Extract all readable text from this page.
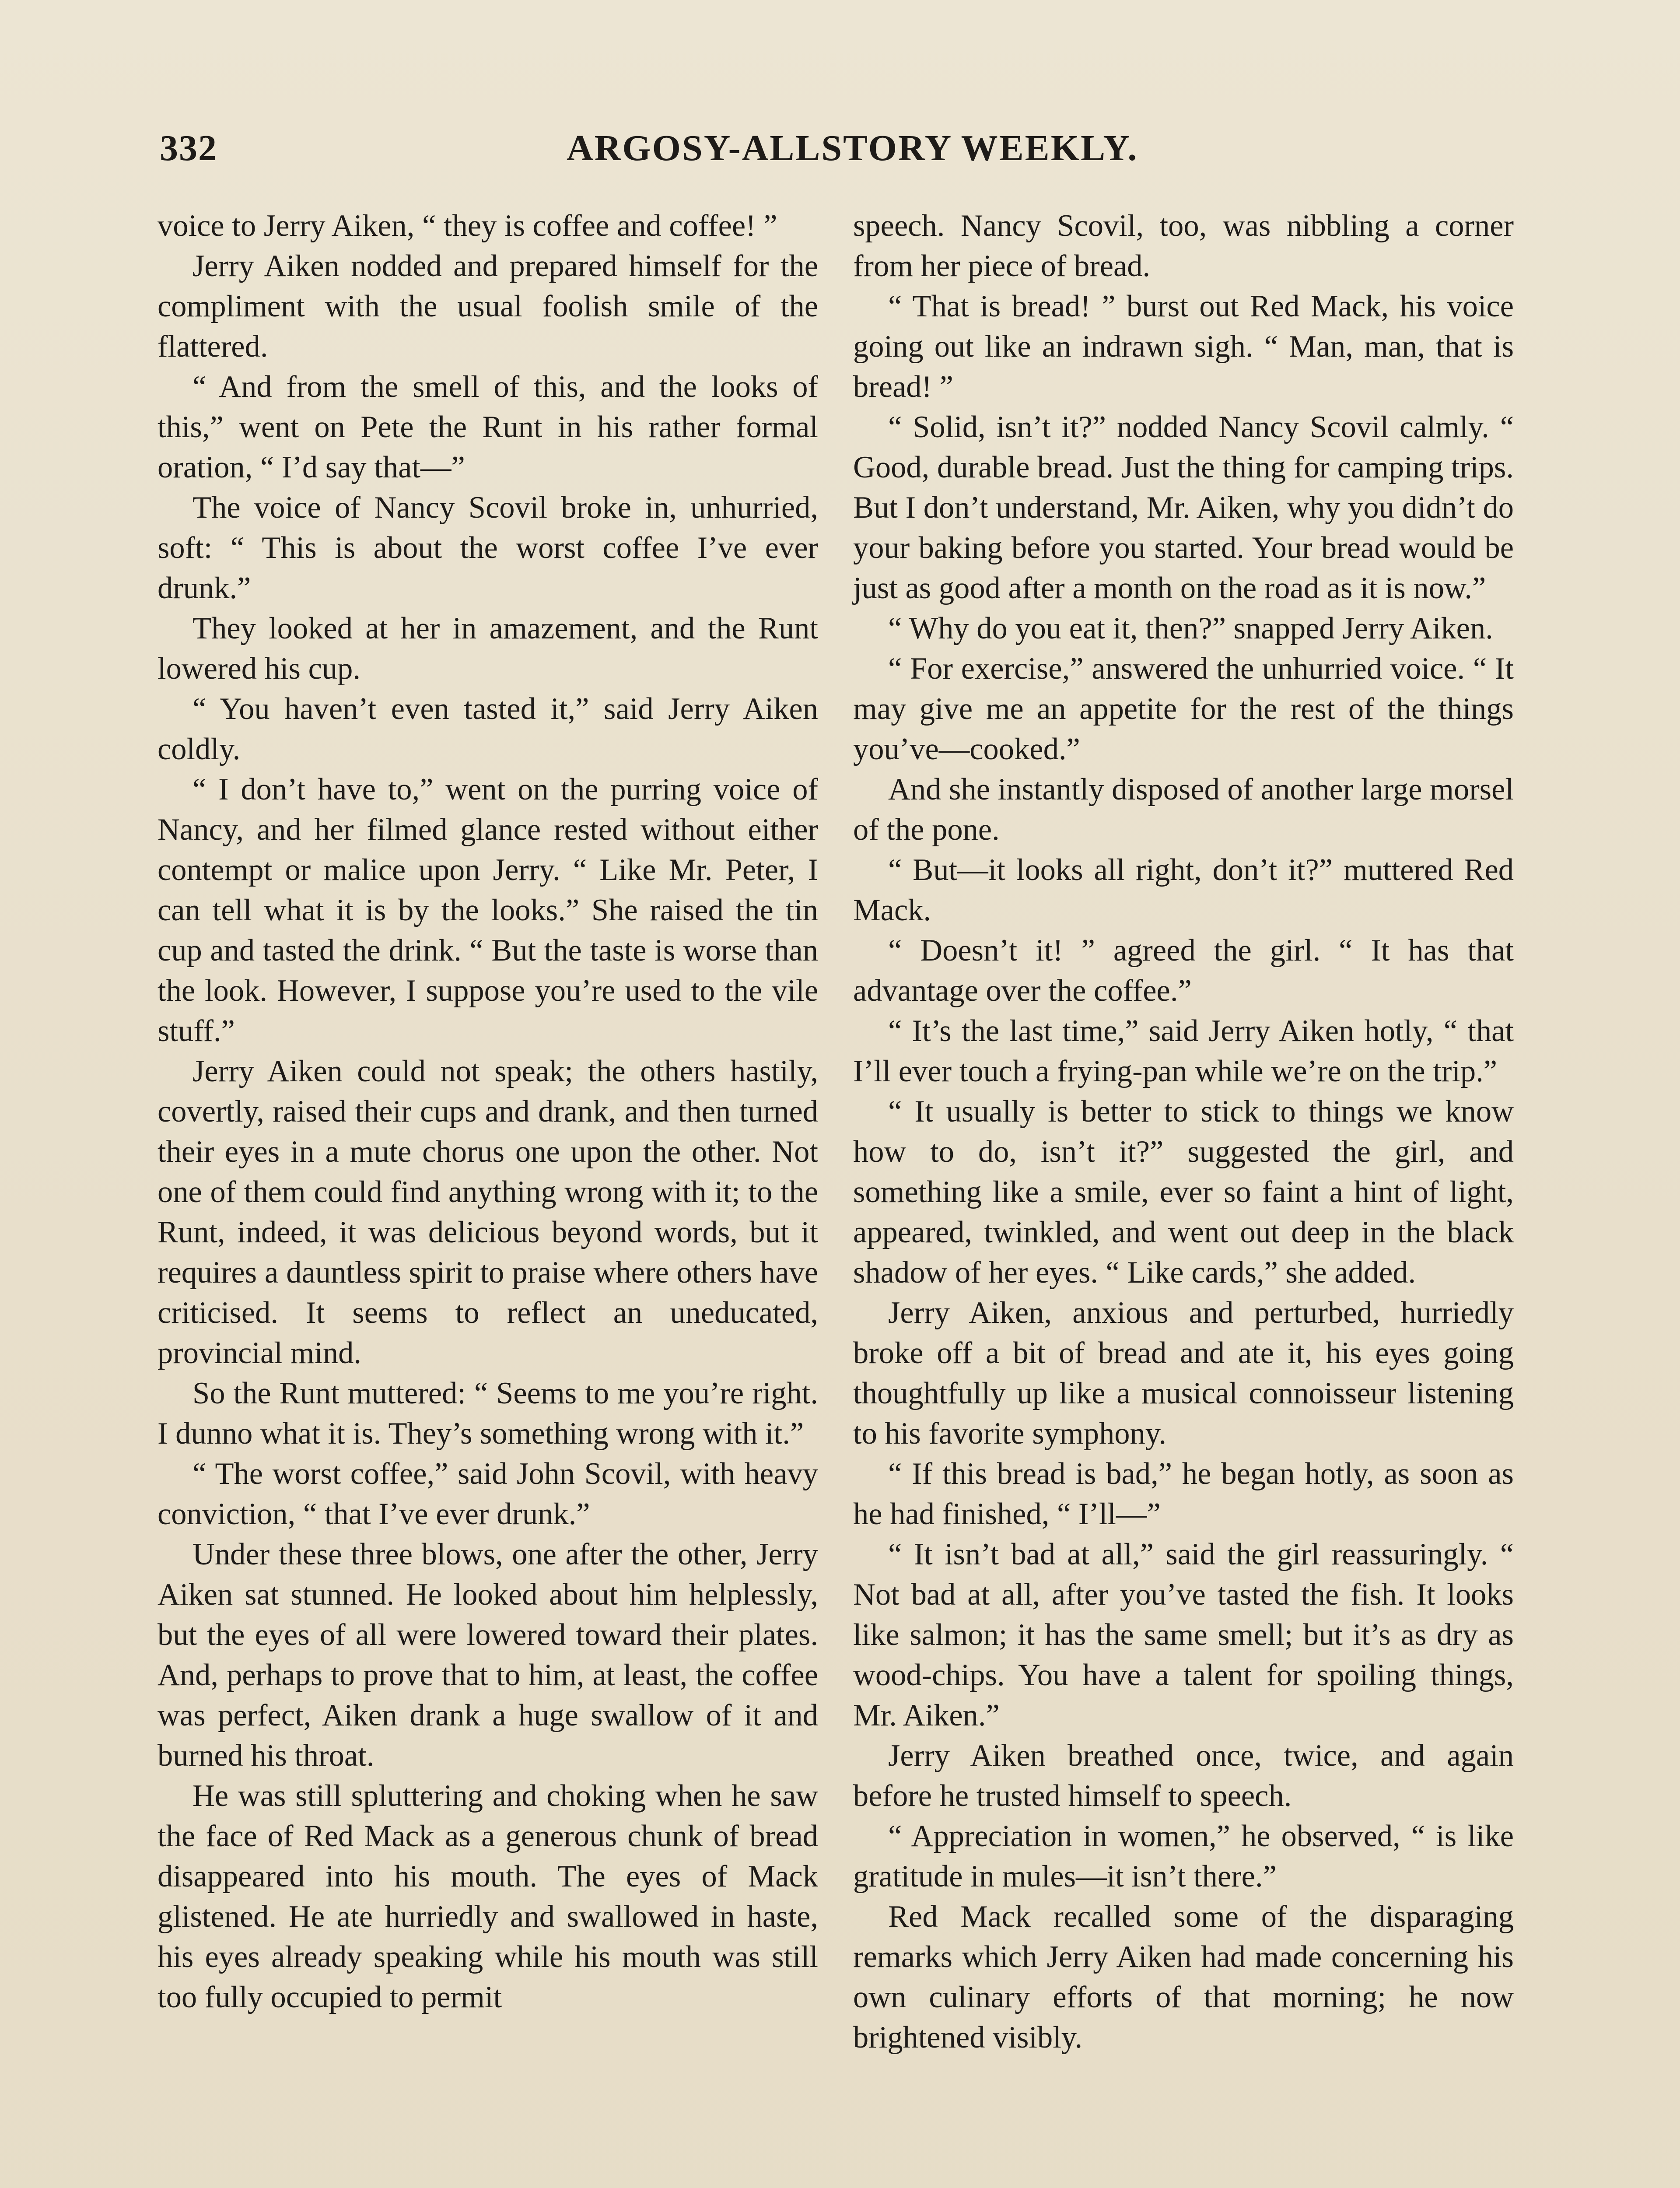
332	ARGOSY-ALLSTORY WEEKLY.

voice to Jerry Aiken, “ they is coffee and coffee! ”

Jerry Aiken nodded and prepared himself for the compliment with the usual foolish smile of the flattered.

“ And from the smell of this, and the looks of this,” went on Pete the Runt in his rather formal oration, “ I’d say that—”

The voice of Nancy Scovil broke in, unhurried, soft: “ This is about the worst coffee I’ve ever drunk.”

They looked at her in amazement, and the Runt lowered his cup.

“ You haven’t even tasted it,” said Jerry Aiken coldly.

“ I don’t have to,” went on the purring voice of Nancy, and her filmed glance rested without either contempt or malice upon Jerry. “ Like Mr. Peter, I can tell what it is by the looks.” She raised the tin cup and tasted the drink. “ But the taste is worse than the look. However, I suppose you’re used to the vile stuff.”

Jerry Aiken could not speak; the others hastily, covertly, raised their cups and drank, and then turned their eyes in a mute chorus one upon the other. Not one of them could find anything wrong with it; to the Runt, indeed, it was delicious beyond words, but it requires a dauntless spirit to praise where others have criticised. It seems to reflect an uneducated, provincial mind.

So the Runt muttered: “ Seems to me you’re right. I dunno what it is. They’s something wrong with it.”

“ The worst coffee,” said John Scovil, with heavy conviction, “ that I’ve ever drunk.”

Under these three blows, one after the other, Jerry Aiken sat stunned. He looked about him helplessly, but the eyes of all were lowered toward their plates. And, perhaps to prove that to him, at least, the coffee was perfect, Aiken drank a huge swallow of it and burned his throat.

He was still spluttering and choking when he saw the face of Red Mack as a generous chunk of bread disappeared into his mouth. The eyes of Mack glistened. He ate hurriedly and swallowed in haste, his eyes already speaking while his mouth was still too fully occupied to permit

speech. Nancy Scovil, too, was nibbling a corner from her piece of bread.

“ That is bread! ” burst out Red Mack, his voice going out like an indrawn sigh. “ Man, man, that is bread! ”

“ Solid, isn’t it?” nodded Nancy Scovil calmly. “ Good, durable bread. Just the thing for camping trips. But I don’t understand, Mr. Aiken, why you didn’t do your baking before you started. Your bread would be just as good after a month on the road as it is now.”

“ Why do you eat it, then?” snapped Jerry Aiken.

“ For exercise,” answered the unhurried voice. “ It may give me an appetite for the rest of the things you’ve—cooked.”

And she instantly disposed of another large morsel of the pone.

“ But—it looks all right, don’t it?” muttered Red Mack.

“ Doesn’t it! ” agreed the girl. “ It has that advantage over the coffee.”

“ It’s the last time,” said Jerry Aiken hotly, “ that I’ll ever touch a frying-pan while we’re on the trip.”

“ It usually is better to stick to things we know how to do, isn’t it?” suggested the girl, and something like a smile, ever so faint a hint of light, appeared, twinkled, and went out deep in the black shadow of her eyes. “ Like cards,” she added.

Jerry Aiken, anxious and perturbed, hurriedly broke off a bit of bread and ate it, his eyes going thoughtfully up like a musical connoisseur listening to his favorite symphony.

“ If this bread is bad,” he began hotly, as soon as he had finished, “ I’ll—”

“ It isn’t bad at all,” said the girl reassuringly. “ Not bad at all, after you’ve tasted the fish. It looks like salmon; it has the same smell; but it’s as dry as wood-chips. You have a talent for spoiling things, Mr. Aiken.”

Jerry Aiken breathed once, twice, and again before he trusted himself to speech.

“ Appreciation in women,” he observed, “ is like gratitude in mules—it isn’t there.”

Red Mack recalled some of the disparaging remarks which Jerry Aiken had made concerning his own culinary efforts of that morning; he now brightened visibly.
